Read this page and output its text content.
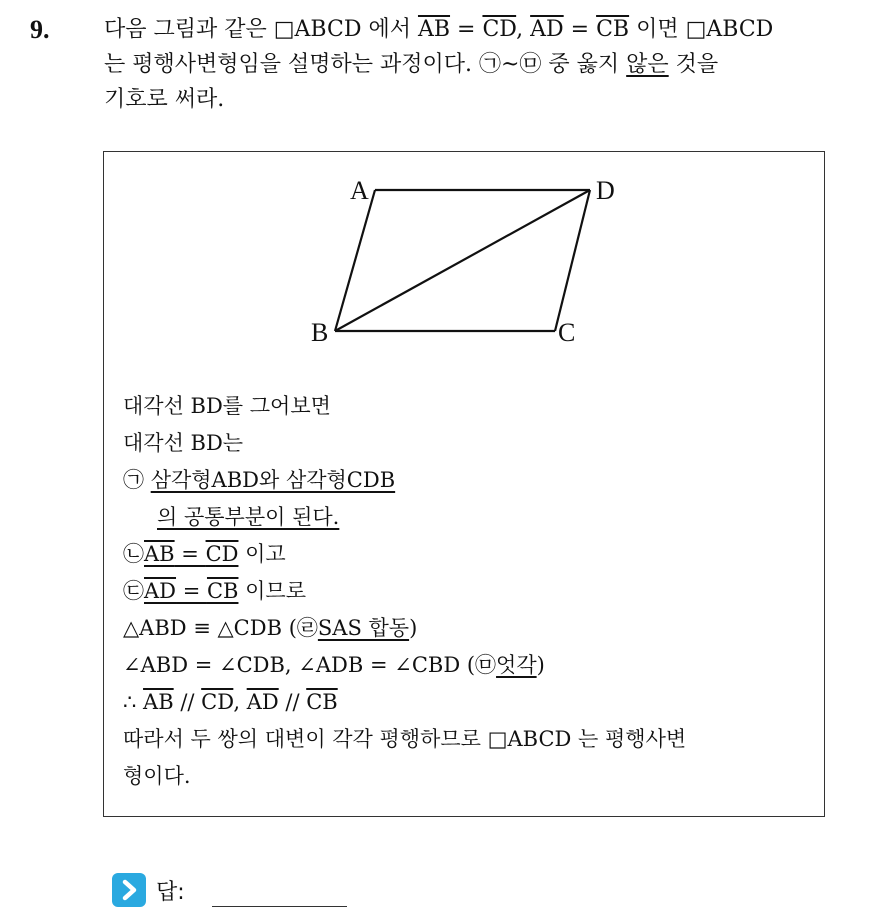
9. 다음 그림과 같은 □ABCD 에서 $\overline{AB} = \overline{CD}$, $\overline{AD} = \overline{CB}$ 이면 □ABCD
는 평행사변형임을 설명하는 과정이다. ㉠~㉤ 중 옳지 않은 것을
기호로 써라.
A	D
B	C
대각선 BD를 그어보면
대각선 BD는
㉠ 삼각형ABD와 삼각형CDB
의 공통부분이 된다.
㉡AB = CD 이고
㉢AD = CB 이므로
△ABD ≡ △CDB (㉣SAS 합동)
∠ABD = ∠CDB, ∠ADB = ∠CBD (㉤엇각)
∴ $\overline{AB} // \overline{CD}$, $\overline{AD} // \overline{CB}$
따라서 두 쌍의 대변이 각각 평행하므로 □ABCD 는 평행사변
형이다.
답:
